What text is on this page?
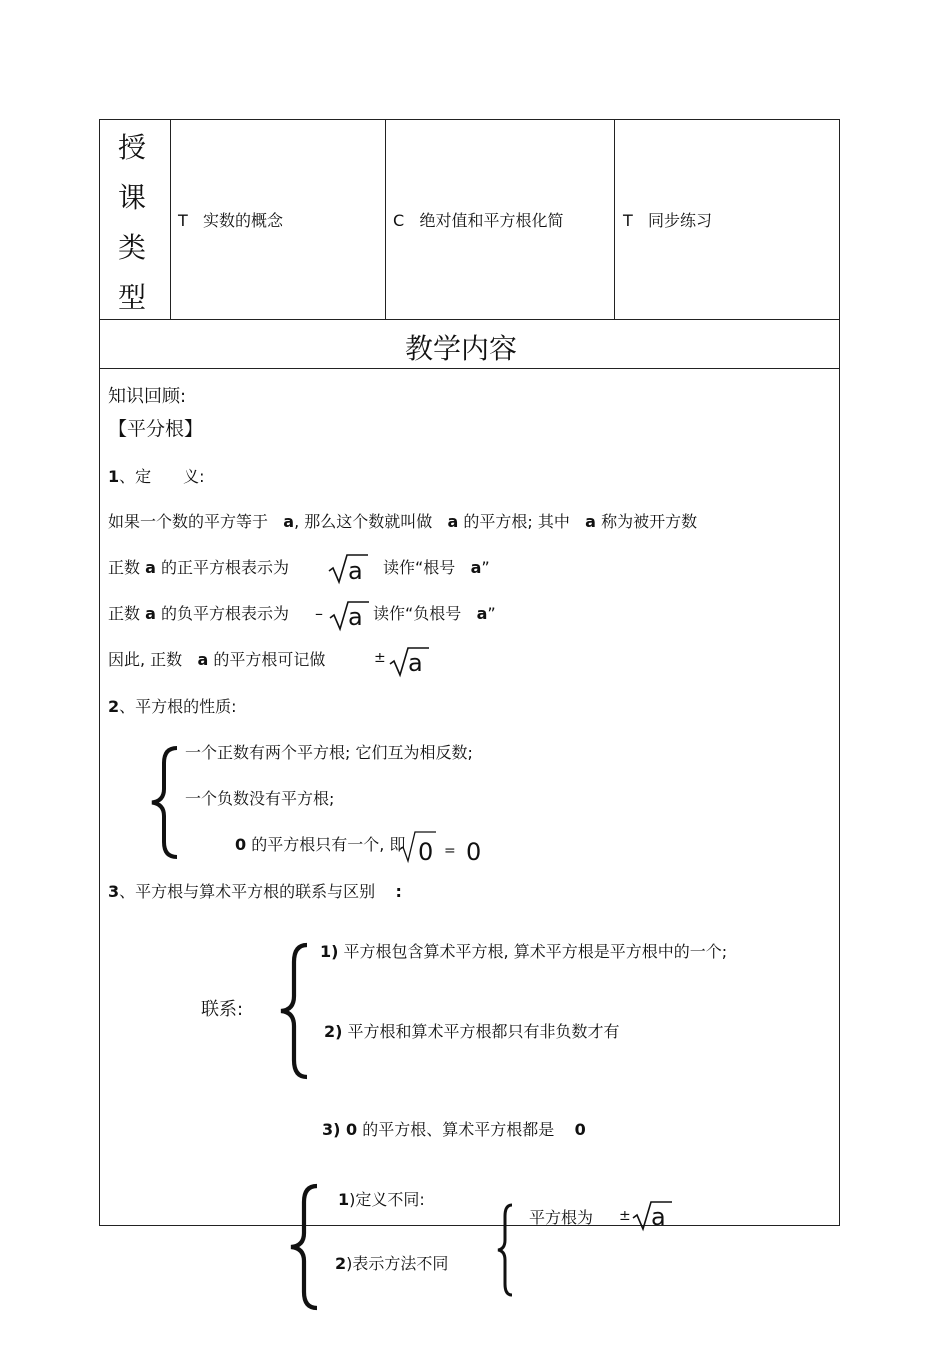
授
课
类
型
T 实数的概念	C 绝对值和平方根化简	T 同步练习
教学内容
知识回顾:
【平分根】
1、定　　义:
如果一个数的平方等于 a, 那么这个数就叫做 a 的平方根; 其中 a 称为被开方数
正数 a 的正平方根表示为 a 读作“根号 a”
正数 a 的负平方根表示为 – a 读作“负根号 a”
因此, 正数 a 的平方根可记做	± a
2、平方根的性质:
一个正数有两个平方根; 它们互为相反数;
一个负数没有平方根;
0 的平方根只有一个, 即 0 = 0
3、平方根与算术平方根的联系与区别 :
联系:
1) 平方根包含算术平方根, 算术平方根是平方根中的一个;
2) 平方根和算术平方根都只有非负数才有
3) 0 的平方根、算术平方根都是 0
1)定义不同:
2)表示方法不同
平方根为 ± a
